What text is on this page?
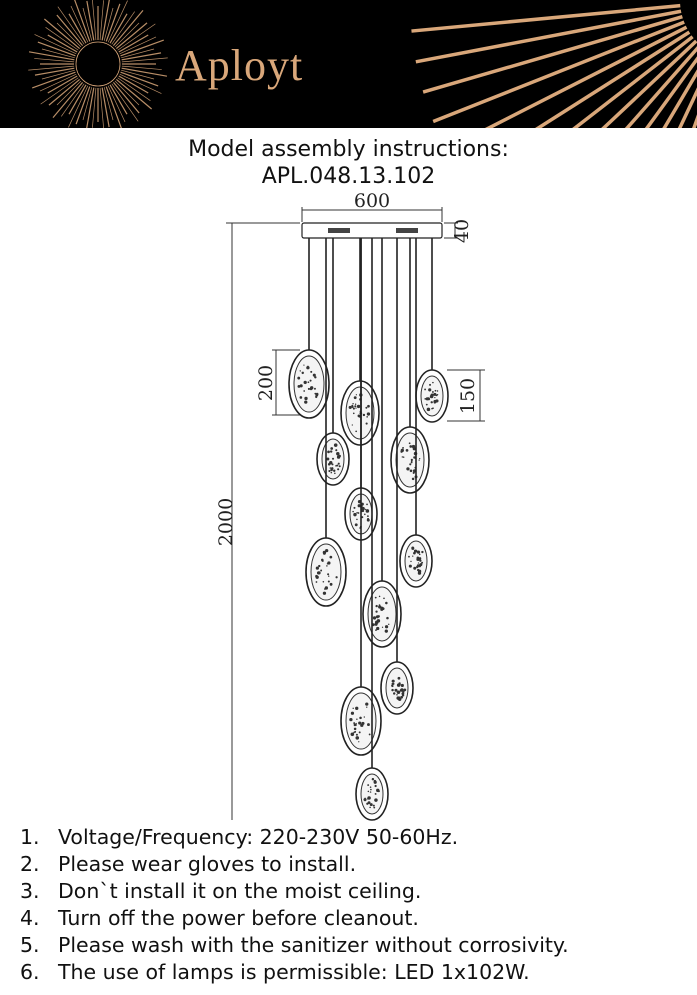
Aployt
Model assembly instructions:
APL.048.13.102
600
40
2000
200	150
1. Voltage/Frequency: 220-230V 50-60Hz.
2. Please wear gloves to install.
3. Don`t install it on the moist ceiling.
4. Turn off the power before cleanout.
5. Please wash with the sanitizer without corrosivity.
6. The use of lamps is permissible: LED 1x102W.
